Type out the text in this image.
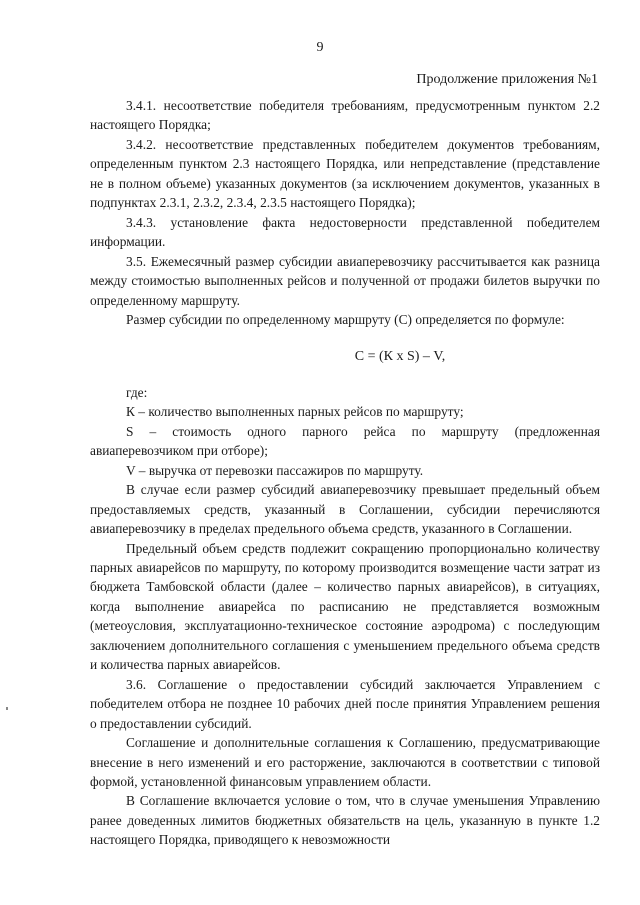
9
Продолжение приложения №1

3.4.1. несоответствие победителя требованиям, предусмотренным пунктом 2.2 настоящего Порядка;

3.4.2. несоответствие представленных победителем документов требованиям, определенным пунктом 2.3 настоящего Порядка, или непредставление (представление не в полном объеме) указанных документов (за исключением документов, указанных в подпунктах 2.3.1, 2.3.2, 2.3.4, 2.3.5 настоящего Порядка);

3.4.3. установление факта недостоверности представленной победителем информации.

3.5. Ежемесячный размер субсидии авиаперевозчику рассчитывается как разница между стоимостью выполненных рейсов и полученной от продажи билетов выручки по определенному маршруту.

Размер субсидии по определенному маршруту (С) определяется по формуле:

С = (К х S) – V,

где:

К – количество выполненных парных рейсов по маршруту;

S – стоимость одного парного рейса по маршруту (предложенная авиаперевозчиком при отборе);

V – выручка от перевозки пассажиров по маршруту.

В случае если размер субсидий авиаперевозчику превышает предельный объем предоставляемых средств, указанный в Соглашении, субсидии перечисляются авиаперевозчику в пределах предельного объема средств, указанного в Соглашении.

Предельный объем средств подлежит сокращению пропорционально количеству парных авиарейсов по маршруту, по которому производится возмещение части затрат из бюджета Тамбовской области (далее – количество парных авиарейсов), в ситуациях, когда выполнение авиарейса по расписанию не представляется возможным (метеоусловия, эксплуатационно-техническое состояние аэродрома) с последующим заключением дополнительного соглашения с уменьшением предельного объема средств и количества парных авиарейсов.

3.6. Соглашение о предоставлении субсидий заключается Управлением с победителем отбора не позднее 10 рабочих дней после принятия Управлением решения о предоставлении субсидий.

Соглашение и дополнительные соглашения к Соглашению, предусматривающие внесение в него изменений и его расторжение, заключаются в соответствии с типовой формой, установленной финансовым управлением области.

В Соглашение включается условие о том, что в случае уменьшения Управлению ранее доведенных лимитов бюджетных обязательств на цель, указанную в пункте 1.2 настоящего Порядка, приводящего к невозможности
